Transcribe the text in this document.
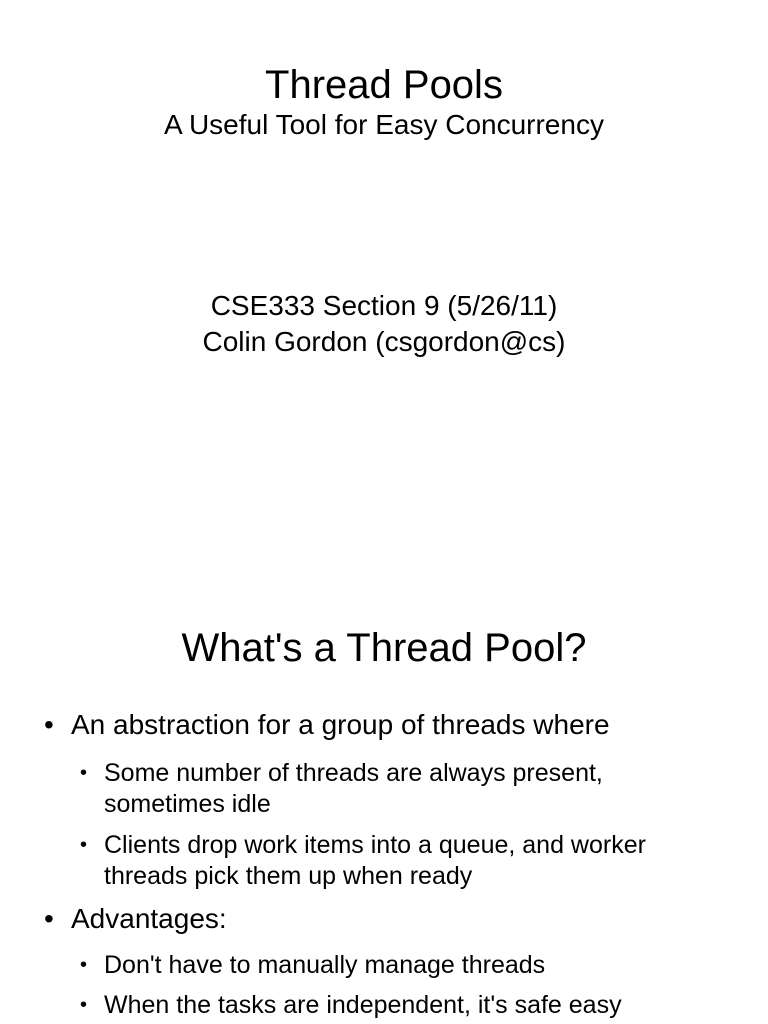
Thread Pools
A Useful Tool for Easy Concurrency
CSE333 Section 9 (5/26/11)
Colin Gordon (csgordon@cs)
What's a Thread Pool?
• An abstraction for a group of threads where
• Some number of threads are always present,
sometimes idle
• Clients drop work items into a queue, and worker
threads pick them up when ready
• Advantages:
• Don't have to manually manage threads
• When the tasks are independent, it's safe easy
